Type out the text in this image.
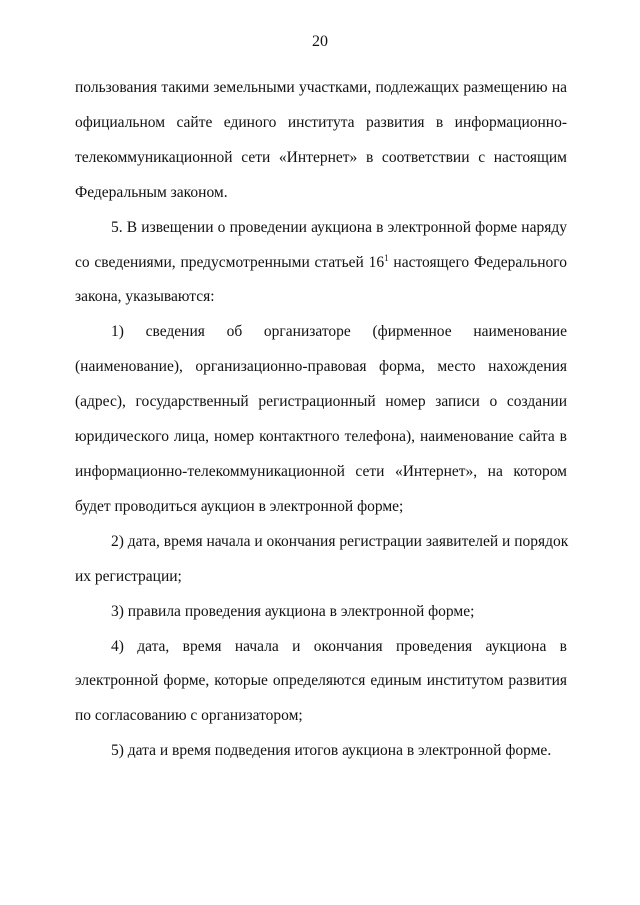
20
пользования такими земельными участками, подлежащих размещению на
официальном сайте единого института развития в информационно-
телекоммуникационной сети «Интернет» в соответствии с настоящим
Федеральным законом.
5. В извещении о проведении аукциона в электронной форме наряду
со сведениями, предусмотренными статьей $16^1$ настоящего Федерального
закона, указываются:
1) сведения об организаторе (фирменное наименование
(наименование), организационно-правовая форма, место нахождения
(адрес), государственный регистрационный номер записи о создании
юридического лица, номер контактного телефона), наименование сайта в
информационно-телекоммуникационной сети «Интернет», на котором
будет проводиться аукцион в электронной форме;
2) дата, время начала и окончания регистрации заявителей и порядок
их регистрации;
3) правила проведения аукциона в электронной форме;
4) дата, время начала и окончания проведения аукциона в
электронной форме, которые определяются единым институтом развития
по согласованию с организатором;
5) дата и время подведения итогов аукциона в электронной форме.
